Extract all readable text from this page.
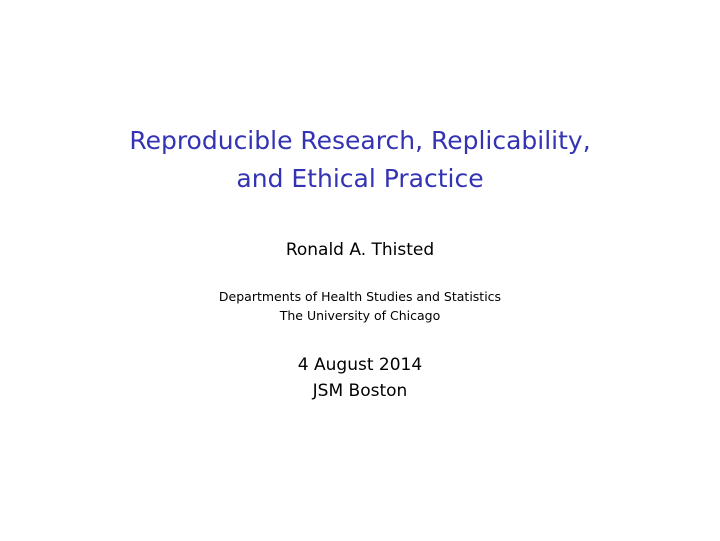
Reproducible Research, Replicability,
and Ethical Practice
Ronald A. Thisted
Departments of Health Studies and Statistics
The University of Chicago
4 August 2014
JSM Boston
